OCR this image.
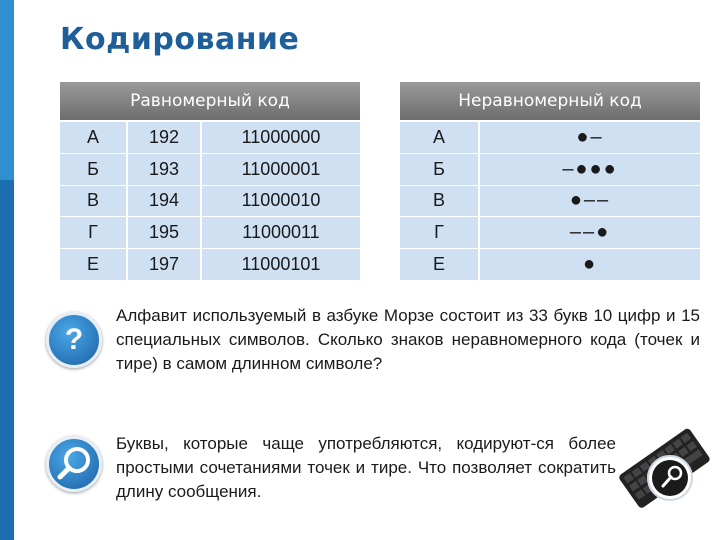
Кодирование
Равномерный код
А
Б
В
Г
Е
192
193
194
195
197
11000000
11000001
11000010
11000011
11000101
Неравномерный код
А
Б
В
Г
Е
●–
–●●●
●––
––●
●
?
Алфавит используемый в азбуке Морзе состоит из 33 букв 10 цифр и 15 специальных символов. Сколько знаков неравномерного кода (точек и тире) в самом длинном символе?
Буквы, которые чаще употребляются, кодируют-ся более простыми сочетаниями точек и тире. Что позволяет сократить длину сообщения.
